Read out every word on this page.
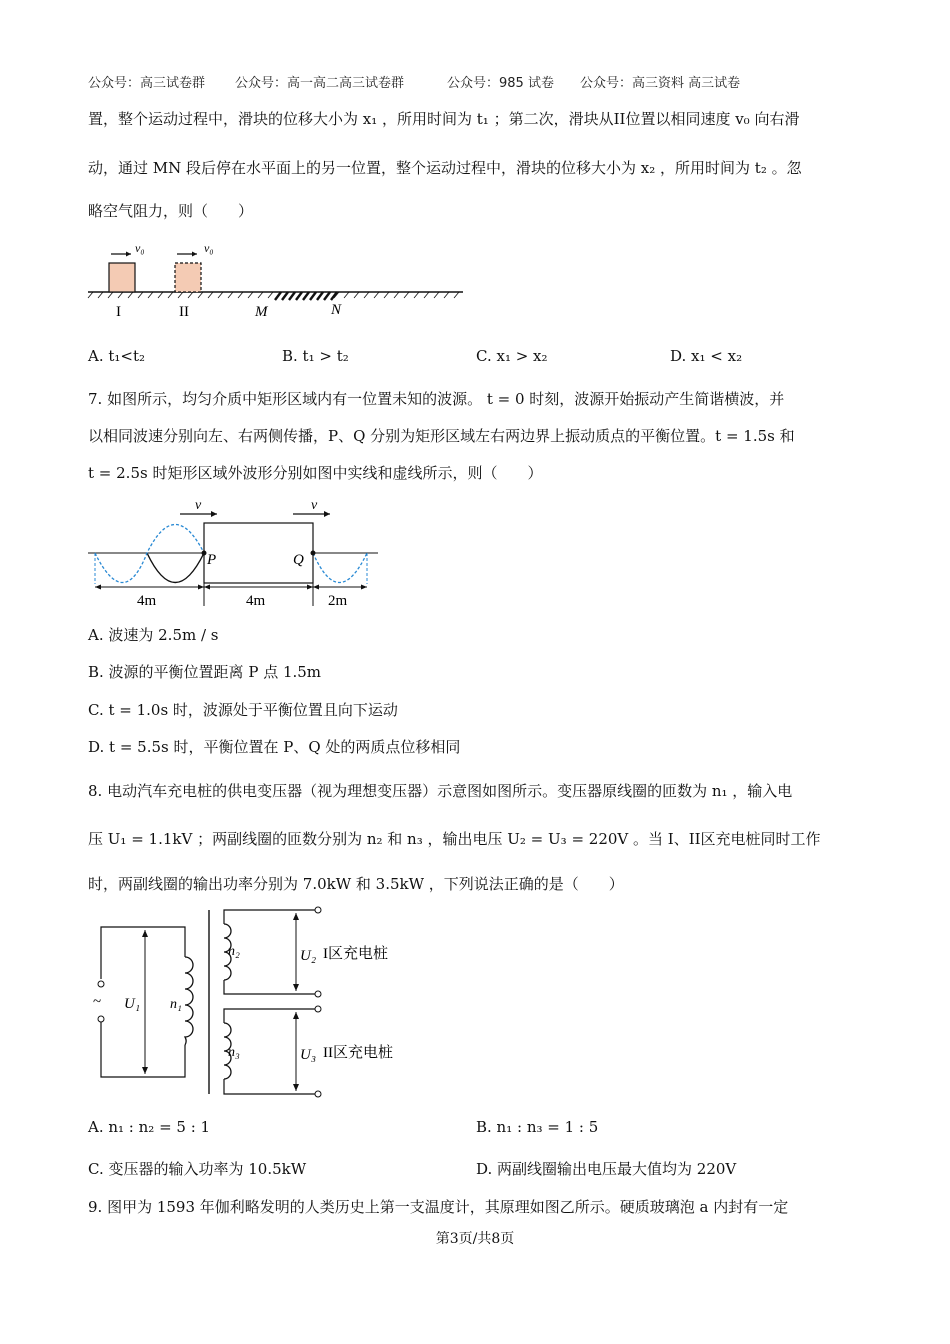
公众号：高三试卷群 公众号：高一高二高三试卷群	公众号：985 试卷 公众号：高三资料 高三试卷
置，整个运动过程中，滑块的位移大小为 x₁ ，所用时间为 t₁ ；第二次，滑块从II位置以相同速度 v₀ 向右滑
动，通过 MN 段后停在水平面上的另一位置，整个运动过程中，滑块的位移大小为 x₂ ，所用时间为 t₂ 。忽
略空气阻力，则（　　）
v₀	v₀
I	II	M	N
A. t₁<t₂	B. t₁ > t₂	C. x₁ > x₂	D. x₁ < x₂
7. 如图所示，均匀介质中矩形区域内有一位置未知的波源。 t = 0 时刻，波源开始振动产生简谐横波，并
以相同波速分别向左、右两侧传播，P、Q 分别为矩形区域左右两边界上振动质点的平衡位置。t = 1.5s 和
t = 2.5s 时矩形区域外波形分别如图中实线和虚线所示，则（　　）
P	Q
v	v
4m	4m	2m
A. 波速为 2.5m / s
B. 波源的平衡位置距离 P 点 1.5m
C. t = 1.0s 时，波源处于平衡位置且向下运动
D. t = 5.5s 时，平衡位置在 P、Q 处的两质点位移相同
8. 电动汽车充电桩的供电变压器（视为理想变压器）示意图如图所示。变压器原线圈的匝数为 n₁ ，输入电
压 U₁ = 1.1kV ；两副线圈的匝数分别为 n₂ 和 n₃ ，输出电压 U₂ = U₃ = 220V 。当 I、II区充电桩同时工作
时，两副线圈的输出功率分别为 7.0kW 和 3.5kW ，下列说法正确的是（　　）
~ U₁ n₁
n₂	U₂ I区充电桩
n₃	U₃ II区充电桩
A. n₁ : n₂ = 5 : 1	B. n₁ : n₃ = 1 : 5
C. 变压器的输入功率为 10.5kW	D. 两副线圈输出电压最大值均为 220V
9. 图甲为 1593 年伽利略发明的人类历史上第一支温度计，其原理如图乙所示。硬质玻璃泡 a 内封有一定
第3页/共8页
